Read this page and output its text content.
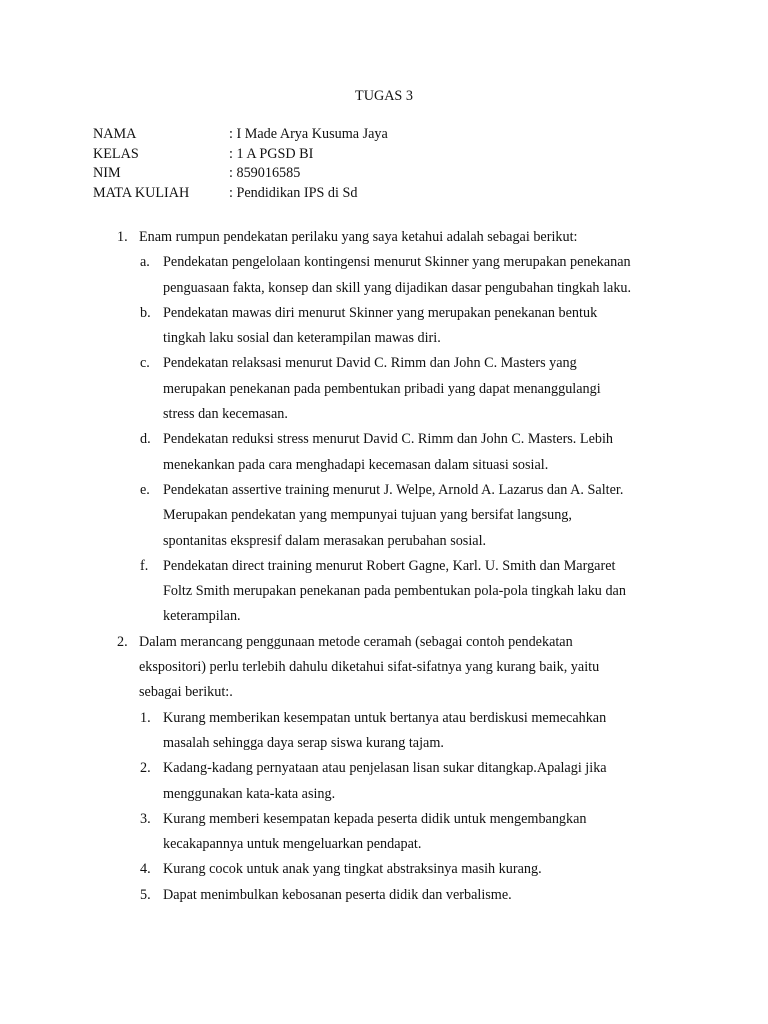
TUGAS 3
NAMA	: I Made Arya Kusuma Jaya
KELAS	: 1 A PGSD BI
NIM	: 859016585
MATA KULIAH	: Pendidikan IPS di Sd
1. Enam rumpun pendekatan perilaku yang saya ketahui adalah sebagai berikut:
a. Pendekatan pengelolaan kontingensi menurut Skinner yang merupakan penekanan
penguasaan fakta, konsep dan skill yang dijadikan dasar pengubahan tingkah laku.
b. Pendekatan mawas diri menurut Skinner yang merupakan penekanan bentuk
tingkah laku sosial dan keterampilan mawas diri.
c. Pendekatan relaksasi menurut David C. Rimm dan John C. Masters yang
merupakan penekanan pada pembentukan pribadi yang dapat menanggulangi
stress dan kecemasan.
d. Pendekatan reduksi stress menurut David C. Rimm dan John C. Masters. Lebih
menekankan pada cara menghadapi kecemasan dalam situasi sosial.
e. Pendekatan assertive training menurut J. Welpe, Arnold A. Lazarus dan A. Salter.
Merupakan pendekatan yang mempunyai tujuan yang bersifat langsung,
spontanitas ekspresif dalam merasakan perubahan sosial.
f. Pendekatan direct training menurut Robert Gagne, Karl. U. Smith dan Margaret
Foltz Smith merupakan penekanan pada pembentukan pola-pola tingkah laku dan
keterampilan.
2. Dalam merancang penggunaan metode ceramah (sebagai contoh pendekatan
ekspositori) perlu terlebih dahulu diketahui sifat-sifatnya yang kurang baik, yaitu
sebagai berikut:.
1. Kurang memberikan kesempatan untuk bertanya atau berdiskusi memecahkan
masalah sehingga daya serap siswa kurang tajam.
2. Kadang-kadang pernyataan atau penjelasan lisan sukar ditangkap.Apalagi jika
menggunakan kata-kata asing.
3. Kurang memberi kesempatan kepada peserta didik untuk mengembangkan
kecakapannya untuk mengeluarkan pendapat.
4. Kurang cocok untuk anak yang tingkat abstraksinya masih kurang.
5. Dapat menimbulkan kebosanan peserta didik dan verbalisme.
